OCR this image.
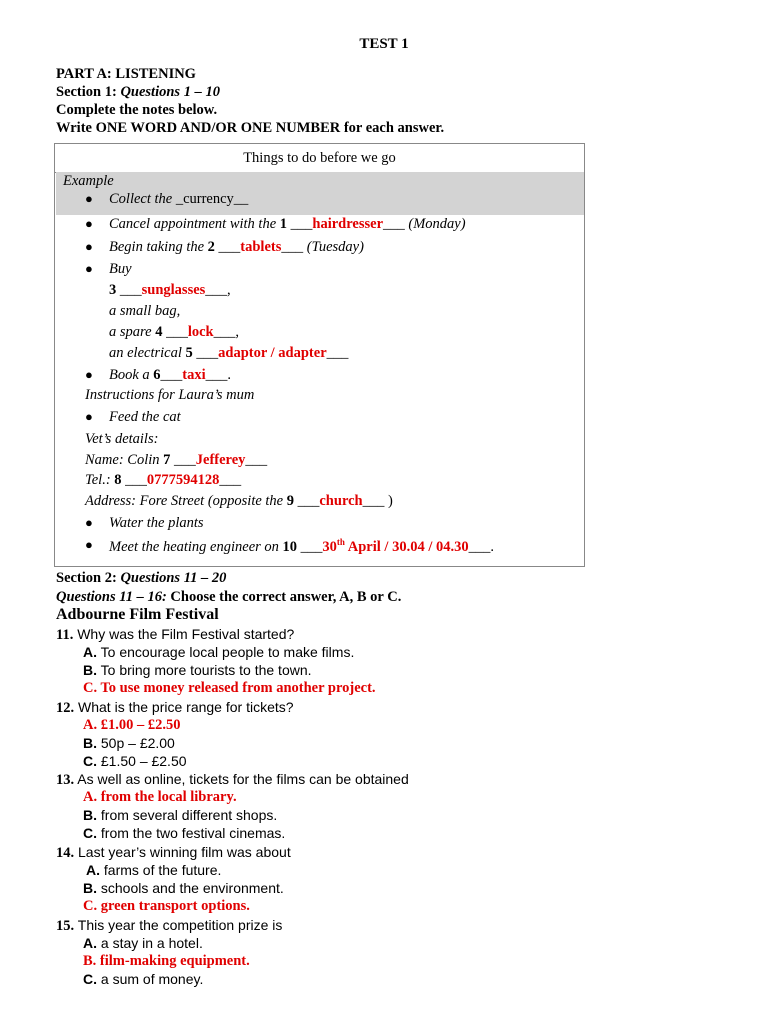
TEST 1
PART A: LISTENING
Section 1: Questions 1 – 10
Complete the notes below.
Write ONE WORD AND/OR ONE NUMBER for each answer.
Things to do before we go
Example
● Collect the _currency__
● Cancel appointment with the 1 ___hairdresser___ (Monday)
● Begin taking the 2 ___tablets___ (Tuesday)
● Buy
3 ___sunglasses___,
a small bag,
a spare 4 ___lock___,
an electrical 5 ___adaptor / adapter___
● Book a 6___taxi___.
Instructions for Laura’s mum
● Feed the cat
Vet’s details:
Name: Colin 7 ___Jefferey___
Tel.: 8 ___0777594128___
Address: Fore Street (opposite the 9 ___church___ )
● Water the plants
● Meet the heating engineer on 10 ___30th April / 30.04 / 04.30___.
Section 2: Questions 11 – 20
Questions 11 – 16: Choose the correct answer, A, B or C.
Adbourne Film Festival
11. Why was the Film Festival started?
A. To encourage local people to make films.
B. To bring more tourists to the town.
C. To use money released from another project.
12. What is the price range for tickets?
A. £1.00 – £2.50
B. 50p – £2.00
C. £1.50 – £2.50
13. As well as online, tickets for the films can be obtained
A. from the local library.
B. from several different shops.
C. from the two festival cinemas.
14. Last year’s winning film was about
A. farms of the future.
B. schools and the environment.
C. green transport options.
15. This year the competition prize is
A. a stay in a hotel.
B. film-making equipment.
C. a sum of money.
